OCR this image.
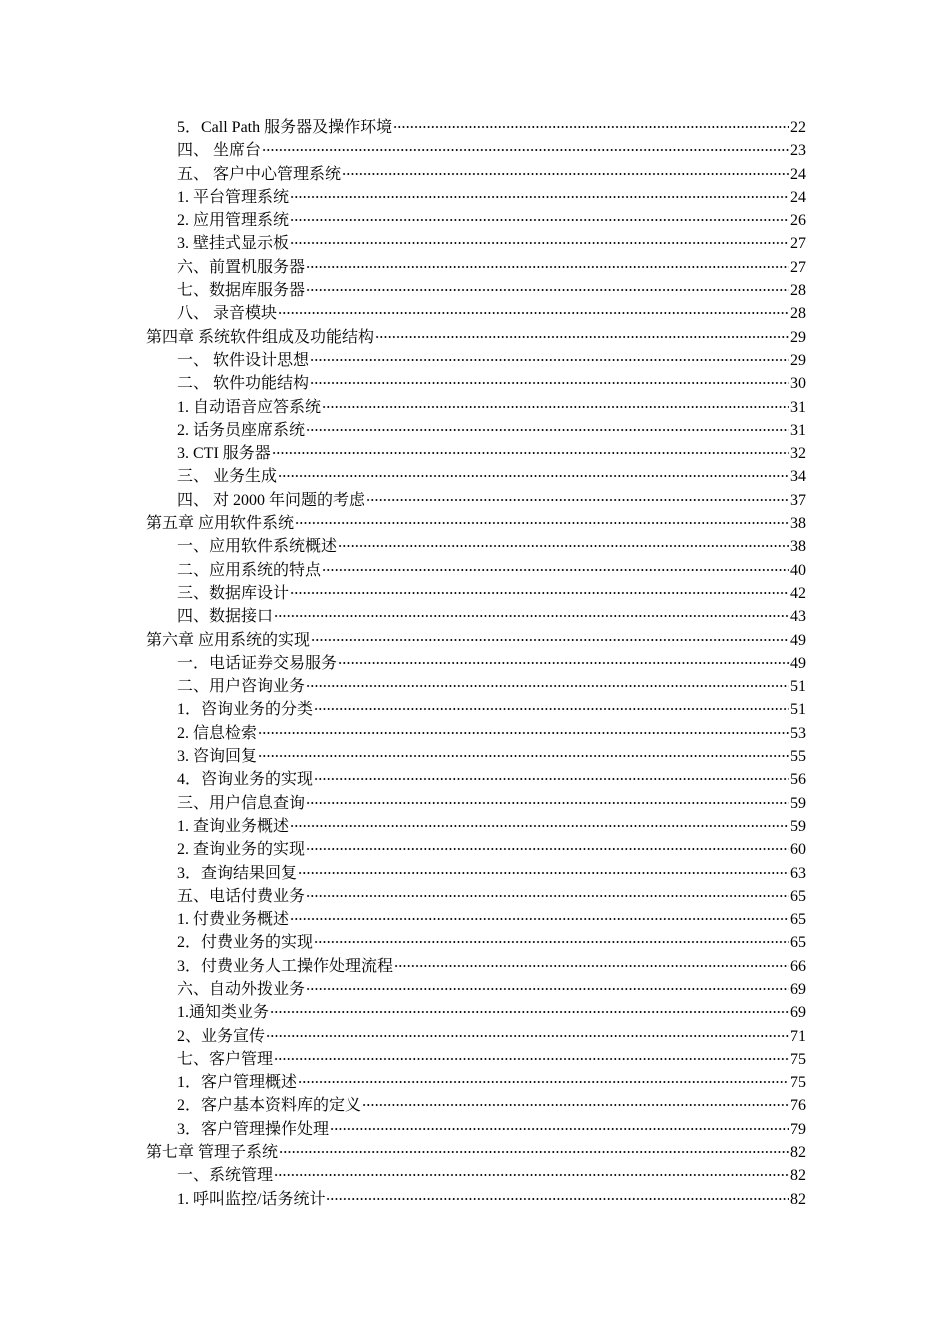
5．Call Path 服务器及操作环境	22
四、 坐席台	23
五、 客户中心管理系统	24
1. 平台管理系统	24
2. 应用管理系统	26
3. 壁挂式显示板	27
六、前置机服务器	27
七、数据库服务器	28
八、 录音模块	28
第四章 系统软件组成及功能结构	29
一、 软件设计思想	29
二、 软件功能结构	30
1. 自动语音应答系统	31
2. 话务员座席系统	31
3. CTI 服务器	32
三、 业务生成	34
四、 对 2000 年问题的考虑	37
第五章 应用软件系统	38
一、应用软件系统概述	38
二、应用系统的特点	40
三、数据库设计	42
四、数据接口	43
第六章 应用系统的实现	49
一．电话证券交易服务	49
二、用户咨询业务	51
1．咨询业务的分类	51
2. 信息检索	53
3. 咨询回复	55
4．咨询业务的实现	56
三、用户信息查询	59
1. 查询业务概述	59
2. 查询业务的实现	60
3．查询结果回复	63
五、电话付费业务	65
1. 付费业务概述	65
2．付费业务的实现	65
3．付费业务人工操作处理流程	66
六、自动外拨业务	69
1.通知类业务	69
2、业务宣传	71
七、客户管理	75
1．客户管理概述	75
2．客户基本资料库的定义	76
3．客户管理操作处理	79
第七章 管理子系统	82
一、系统管理	82
1. 呼叫监控/话务统计	82
